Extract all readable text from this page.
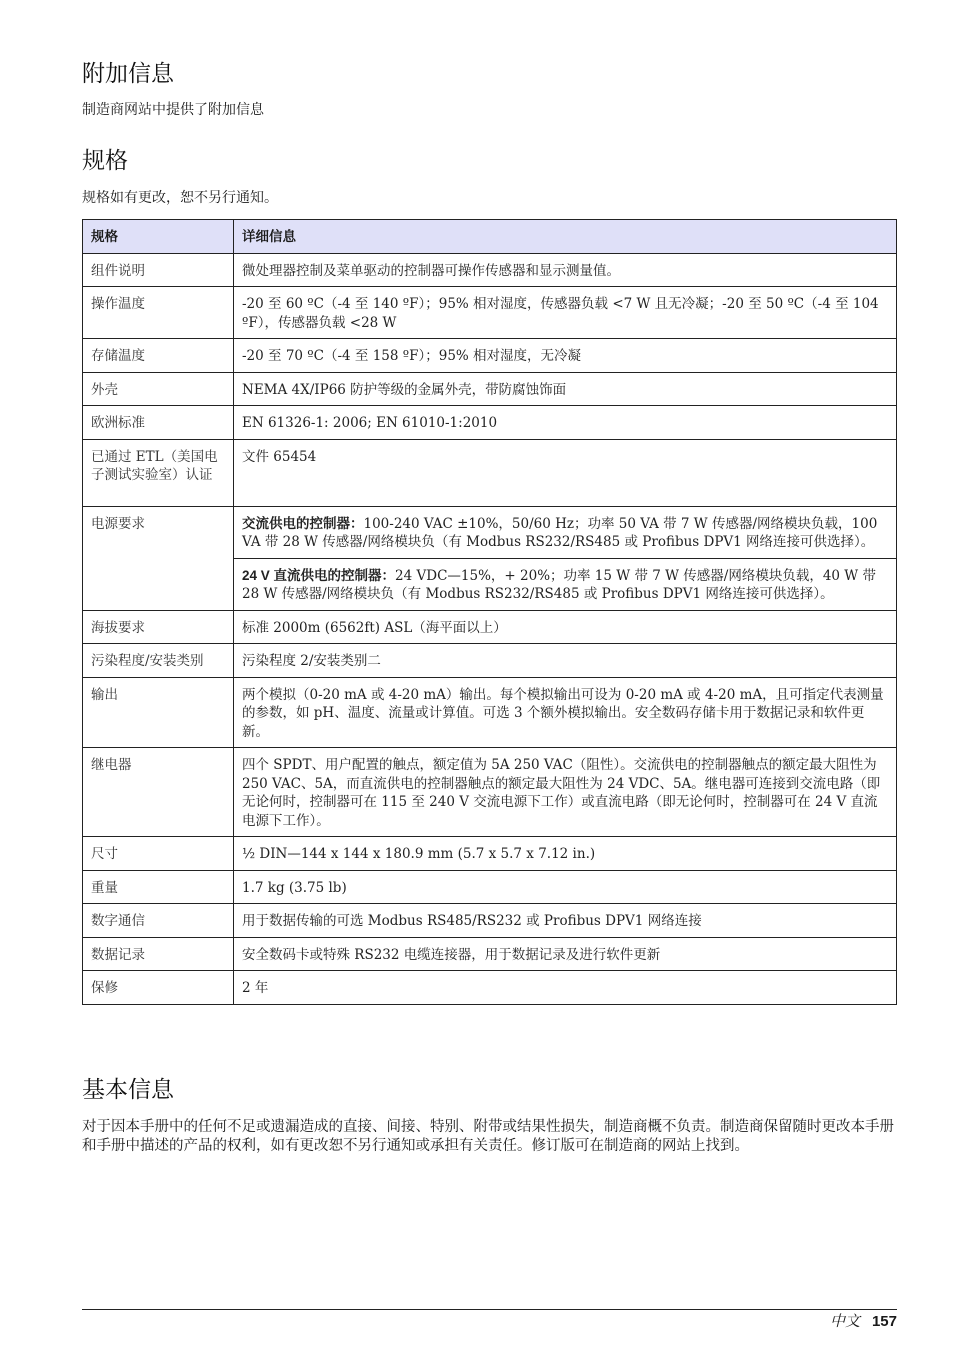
附加信息

制造商网站中提供了附加信息

规格

规格如有更改，恕不另行通知。

规格	详细信息
组件说明	微处理器控制及菜单驱动的控制器可操作传感器和显示测量值。
操作温度	-20 至 60 ºC（-4 至 140 ºF）；95% 相对湿度，传感器负载 <7 W 且无冷凝；-20 至 50 ºC（-4 至 104 ºF），传感器负载 <28 W
存储温度	-20 至 70 ºC（-4 至 158 ºF）；95% 相对湿度，无冷凝
外壳	NEMA 4X/IP66 防护等级的金属外壳，带防腐蚀饰面
欧洲标准	EN 61326-1: 2006; EN 61010-1:2010
已通过 ETL（美国电子测试实验室）认证	文件 65454
电源要求	交流供电的控制器：100-240 VAC ±10%，50/60 Hz；功率 50 VA 带 7 W 传感器/网络模块负载，100 VA 带 28 W 传感器/网络模块负（有 Modbus RS232/RS485 或 Profibus DPV1 网络连接可供选择）。
	24 V 直流供电的控制器：24 VDC—15%，+ 20%；功率 15 W 带 7 W 传感器/网络模块负载，40 W 带 28 W 传感器/网络模块负（有 Modbus RS232/RS485 或 Profibus DPV1 网络连接可供选择）。
海拔要求	标准 2000m (6562ft) ASL（海平面以上）
污染程度/安装类别	污染程度 2/安装类别二
输出	两个模拟（0-20 mA 或 4-20 mA）输出。每个模拟输出可设为 0-20 mA 或 4-20 mA，且可指定代表测量的参数，如 pH、温度、流量或计算值。可选 3 个额外模拟输出。安全数码存储卡用于数据记录和软件更新。
继电器	四个 SPDT、用户配置的触点，额定值为 5A 250 VAC（阻性）。交流供电的控制器触点的额定最大阻性为 250 VAC、5A，而直流供电的控制器触点的额定最大阻性为 24 VDC、5A。继电器可连接到交流电路（即无论何时，控制器可在 115 至 240 V 交流电源下工作）或直流电路（即无论何时，控制器可在 24 V 直流电源下工作）。
尺寸	½ DIN—144 x 144 x 180.9 mm (5.7 x 5.7 x 7.12 in.)
重量	1.7 kg (3.75 lb)
数字通信	用于数据传输的可选 Modbus RS485/RS232 或 Profibus DPV1 网络连接
数据记录	安全数码卡或特殊 RS232 电缆连接器，用于数据记录及进行软件更新
保修	2 年
基本信息

对于因本手册中的任何不足或遗漏造成的直接、间接、特别、附带或结果性损失，制造商概不负责。制造商保留随时更改本手册和手册中描述的产品的权利，如有更改恕不另行通知或承担有关责任。修订版可在制造商的网站上找到。

中文 157
